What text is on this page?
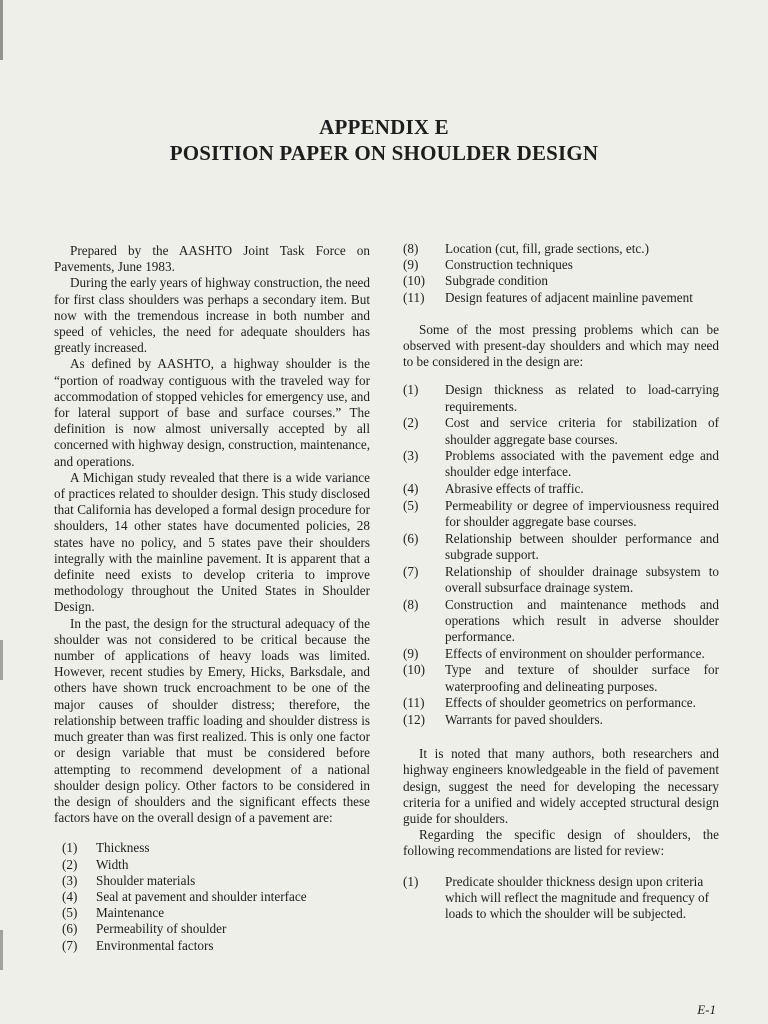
APPENDIX E
POSITION PAPER ON SHOULDER DESIGN

Prepared by the AASHTO Joint Task Force on Pavements, June 1983.

During the early years of highway construction, the need for first class shoulders was perhaps a secondary item. But now with the tremendous increase in both number and speed of vehicles, the need for adequate shoulders has greatly increased.

As defined by AASHTO, a highway shoulder is the “portion of roadway contiguous with the traveled way for accommodation of stopped vehicles for emergency use, and for lateral support of base and surface courses.” The definition is now almost universally accepted by all concerned with highway design, construction, maintenance, and operations.

A Michigan study revealed that there is a wide variance of practices related to shoulder design. This study disclosed that California has developed a formal design procedure for shoulders, 14 other states have documented policies, 28 states have no policy, and 5 states pave their shoulders integrally with the mainline pavement. It is apparent that a definite need exists to develop criteria to improve methodology throughout the United States in Shoulder Design.

In the past, the design for the structural adequacy of the shoulder was not considered to be critical because the number of applications of heavy loads was limited. However, recent studies by Emery, Hicks, Barksdale, and others have shown truck encroachment to be one of the major causes of shoulder distress; therefore, the relationship between traffic loading and shoulder distress is much greater than was first realized. This is only one factor or design variable that must be considered before attempting to recommend development of a national shoulder design policy. Other factors to be considered in the design of shoulders and the significant effects these factors have on the overall design of a pavement are:

(1)	Thickness
(2)	Width
(3)	Shoulder materials
(4)	Seal at pavement and shoulder interface
(5)	Maintenance
(6)	Permeability of shoulder
(7)	Environmental factors
(8)	Location (cut, fill, grade sections, etc.)
(9)	Construction techniques
(10)	Subgrade condition
(11)	Design features of adjacent mainline pavement

Some of the most pressing problems which can be observed with present-day shoulders and which may need to be considered in the design are:

(1)	Design thickness as related to load-carrying requirements.
(2)	Cost and service criteria for stabilization of shoulder aggregate base courses.
(3)	Problems associated with the pavement edge and shoulder edge interface.
(4)	Abrasive effects of traffic.
(5)	Permeability or degree of imperviousness required for shoulder aggregate base courses.
(6)	Relationship between shoulder performance and subgrade support.
(7)	Relationship of shoulder drainage subsystem to overall subsurface drainage system.
(8)	Construction and maintenance methods and operations which result in adverse shoulder performance.
(9)	Effects of environment on shoulder performance.
(10)	Type and texture of shoulder surface for waterproofing and delineating purposes.
(11)	Effects of shoulder geometrics on performance.
(12)	Warrants for paved shoulders.

It is noted that many authors, both researchers and highway engineers knowledgeable in the field of pavement design, suggest the need for developing the necessary criteria for a unified and widely accepted structural design guide for shoulders.

Regarding the specific design of shoulders, the following recommendations are listed for review:

(1)	Predicate shoulder thickness design upon criteria which will reflect the magnitude and frequency of loads to which the shoulder will be subjected.
E-1
